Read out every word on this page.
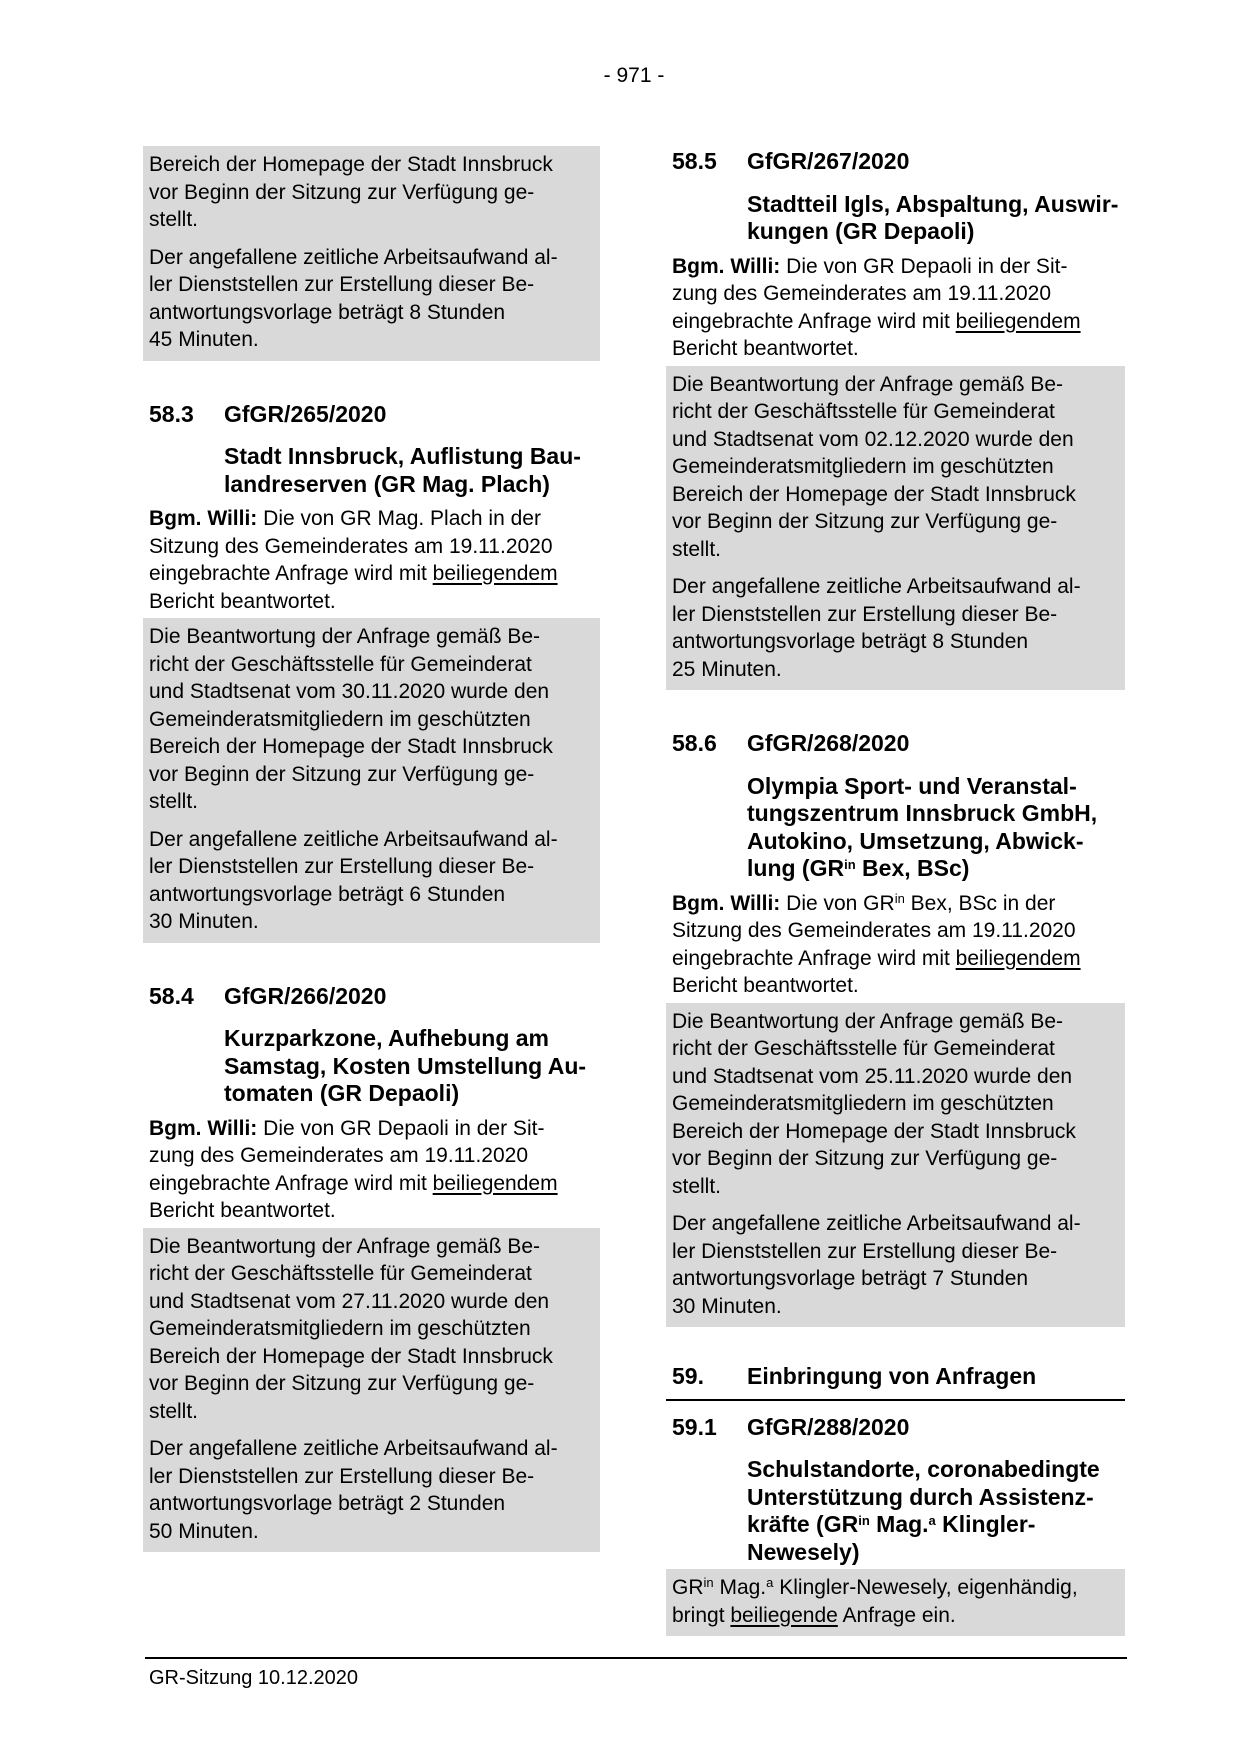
- 971 -
Bereich der Homepage der Stadt Innsbruck
vor Beginn der Sitzung zur Verfügung ge-
stellt.
Der angefallene zeitliche Arbeitsaufwand al-
ler Dienststellen zur Erstellung dieser Be-
antwortungsvorlage beträgt 8 Stunden
45 Minuten.
58.3	GfGR/265/2020
Stadt Innsbruck, Auflistung Bau-
landreserven (GR Mag. Plach)
Bgm. Willi: Die von GR Mag. Plach in der
Sitzung des Gemeinderates am 19.11.2020
eingebrachte Anfrage wird mit beiliegendem
Bericht beantwortet.
Die Beantwortung der Anfrage gemäß Be-
richt der Geschäftsstelle für Gemeinderat
und Stadtsenat vom 30.11.2020 wurde den
Gemeinderatsmitgliedern im geschützten
Bereich der Homepage der Stadt Innsbruck
vor Beginn der Sitzung zur Verfügung ge-
stellt.
Der angefallene zeitliche Arbeitsaufwand al-
ler Dienststellen zur Erstellung dieser Be-
antwortungsvorlage beträgt 6 Stunden
30 Minuten.
58.4	GfGR/266/2020
Kurzparkzone, Aufhebung am
Samstag, Kosten Umstellung Au-
tomaten (GR Depaoli)
Bgm. Willi: Die von GR Depaoli in der Sit-
zung des Gemeinderates am 19.11.2020
eingebrachte Anfrage wird mit beiliegendem
Bericht beantwortet.
Die Beantwortung der Anfrage gemäß Be-
richt der Geschäftsstelle für Gemeinderat
und Stadtsenat vom 27.11.2020 wurde den
Gemeinderatsmitgliedern im geschützten
Bereich der Homepage der Stadt Innsbruck
vor Beginn der Sitzung zur Verfügung ge-
stellt.
Der angefallene zeitliche Arbeitsaufwand al-
ler Dienststellen zur Erstellung dieser Be-
antwortungsvorlage beträgt 2 Stunden
50 Minuten.
58.5	GfGR/267/2020
Stadtteil Igls, Abspaltung, Auswir-
kungen (GR Depaoli)
Bgm. Willi: Die von GR Depaoli in der Sit-
zung des Gemeinderates am 19.11.2020
eingebrachte Anfrage wird mit beiliegendem
Bericht beantwortet.
Die Beantwortung der Anfrage gemäß Be-
richt der Geschäftsstelle für Gemeinderat
und Stadtsenat vom 02.12.2020 wurde den
Gemeinderatsmitgliedern im geschützten
Bereich der Homepage der Stadt Innsbruck
vor Beginn der Sitzung zur Verfügung ge-
stellt.
Der angefallene zeitliche Arbeitsaufwand al-
ler Dienststellen zur Erstellung dieser Be-
antwortungsvorlage beträgt 8 Stunden
25 Minuten.
58.6	GfGR/268/2020
Olympia Sport- und Veranstal-
tungszentrum Innsbruck GmbH,
Autokino, Umsetzung, Abwick-
lung ($GR^{in}$ Bex, BSc)
Bgm. Willi: Die von $GR^{in}$ Bex, BSc in der
Sitzung des Gemeinderates am 19.11.2020
eingebrachte Anfrage wird mit beiliegendem
Bericht beantwortet.
Die Beantwortung der Anfrage gemäß Be-
richt der Geschäftsstelle für Gemeinderat
und Stadtsenat vom 25.11.2020 wurde den
Gemeinderatsmitgliedern im geschützten
Bereich der Homepage der Stadt Innsbruck
vor Beginn der Sitzung zur Verfügung ge-
stellt.
Der angefallene zeitliche Arbeitsaufwand al-
ler Dienststellen zur Erstellung dieser Be-
antwortungsvorlage beträgt 7 Stunden
30 Minuten.
59.	Einbringung von Anfragen
59.1	GfGR/288/2020
Schulstandorte, coronabedingte
Unterstützung durch Assistenz-
kräfte ($GR^{in}$ Mag.$^a$ Klingler-
Newesely)
$GR^{in}$ Mag.$^a$ Klingler-Newesely, eigenhändig,
bringt beiliegende Anfrage ein.
GR-Sitzung 10.12.2020
